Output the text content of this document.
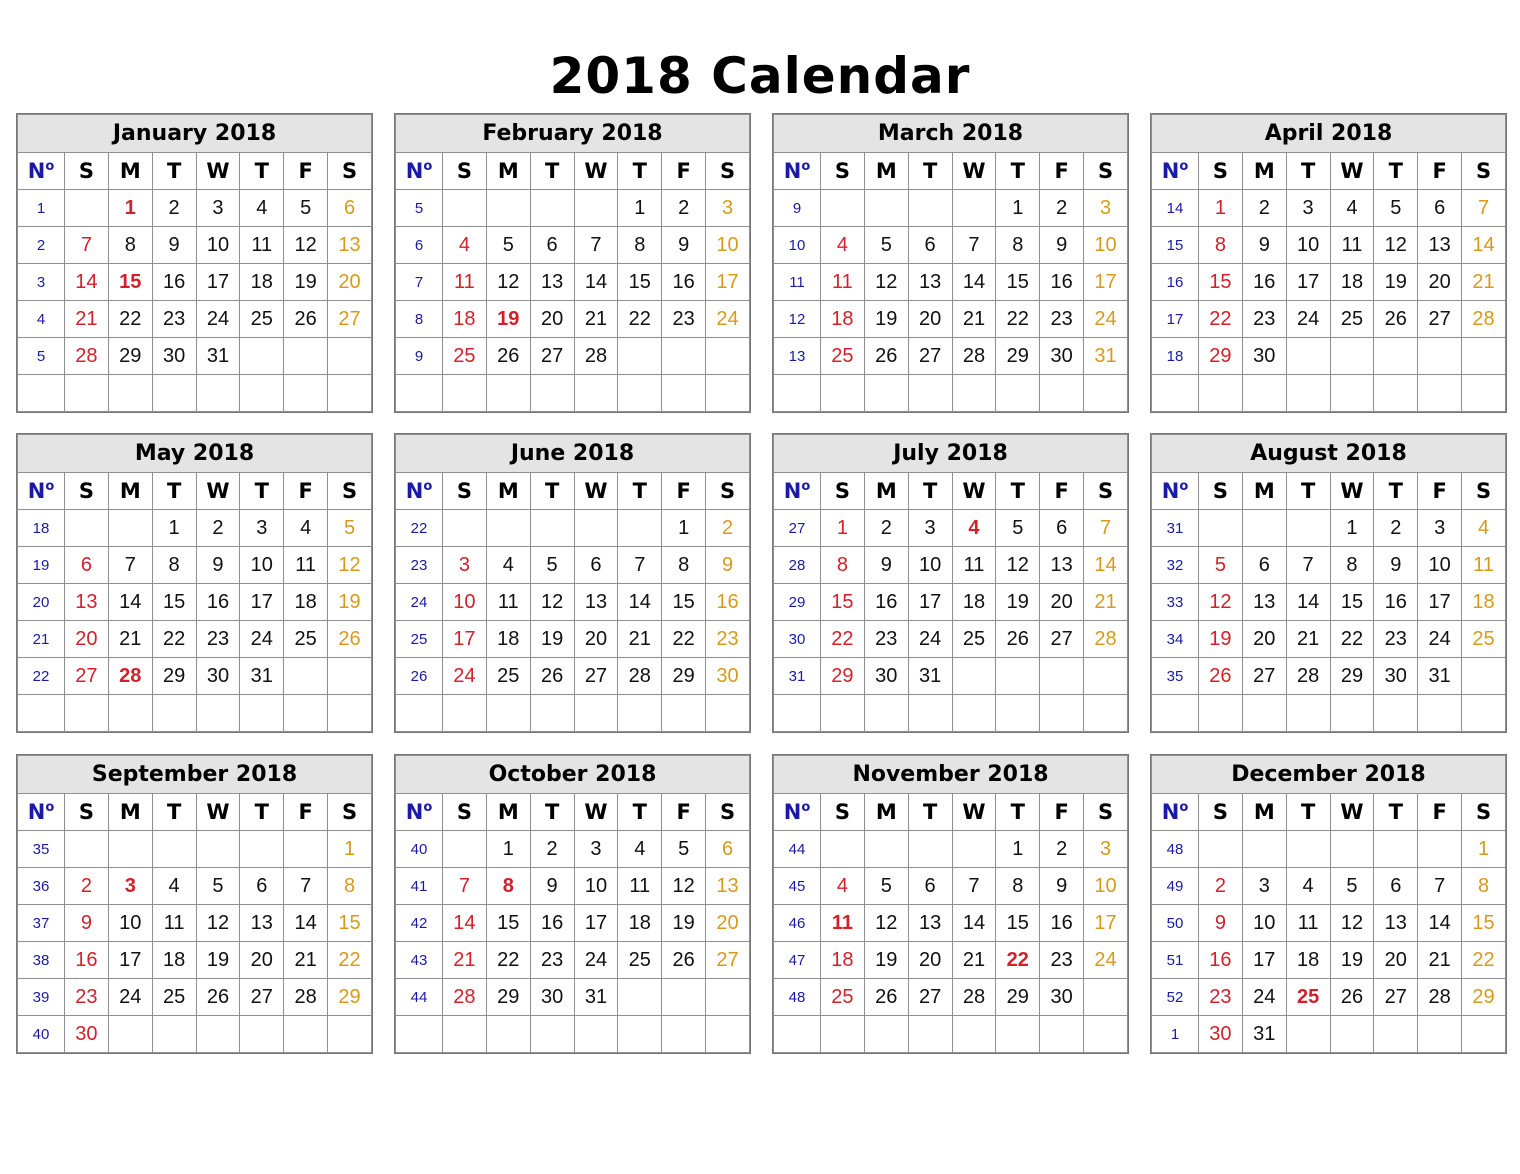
2018 Calendar
January 2018							
$N^o$	S	M	T	W	T	F	S
1		1	2	3	4	5	6
2	7	8	9	10	11	12	13
3	14	15	16	17	18	19	20
4	21	22	23	24	25	26	27
5	28	29	30	31			

February 2018							
$N^o$	S	M	T	W	T	F	S
5					1	2	3
6	4	5	6	7	8	9	10
7	11	12	13	14	15	16	17
8	18	19	20	21	22	23	24
9	25	26	27	28			

March 2018							
$N^o$	S	M	T	W	T	F	S
9					1	2	3
10	4	5	6	7	8	9	10
11	11	12	13	14	15	16	17
12	18	19	20	21	22	23	24
13	25	26	27	28	29	30	31

April 2018							
$N^o$	S	M	T	W	T	F	S
14	1	2	3	4	5	6	7
15	8	9	10	11	12	13	14
16	15	16	17	18	19	20	21
17	22	23	24	25	26	27	28
18	29	30					

May 2018							
$N^o$	S	M	T	W	T	F	S
18			1	2	3	4	5
19	6	7	8	9	10	11	12
20	13	14	15	16	17	18	19
21	20	21	22	23	24	25	26
22	27	28	29	30	31		

June 2018							
$N^o$	S	M	T	W	T	F	S
22						1	2
23	3	4	5	6	7	8	9
24	10	11	12	13	14	15	16
25	17	18	19	20	21	22	23
26	24	25	26	27	28	29	30

July 2018							
$N^o$	S	M	T	W	T	F	S
27	1	2	3	4	5	6	7
28	8	9	10	11	12	13	14
29	15	16	17	18	19	20	21
30	22	23	24	25	26	27	28
31	29	30	31				

August 2018							
$N^o$	S	M	T	W	T	F	S
31				1	2	3	4
32	5	6	7	8	9	10	11
33	12	13	14	15	16	17	18
34	19	20	21	22	23	24	25
35	26	27	28	29	30	31	

September 2018							
$N^o$	S	M	T	W	T	F	S
35							1
36	2	3	4	5	6	7	8
37	9	10	11	12	13	14	15
38	16	17	18	19	20	21	22
39	23	24	25	26	27	28	29
40	30						
October 2018							
$N^o$	S	M	T	W	T	F	S
40		1	2	3	4	5	6
41	7	8	9	10	11	12	13
42	14	15	16	17	18	19	20
43	21	22	23	24	25	26	27
44	28	29	30	31			

November 2018							
$N^o$	S	M	T	W	T	F	S
44					1	2	3
45	4	5	6	7	8	9	10
46	11	12	13	14	15	16	17
47	18	19	20	21	22	23	24
48	25	26	27	28	29	30	

December 2018							
$N^o$	S	M	T	W	T	F	S
48							1
49	2	3	4	5	6	7	8
50	9	10	11	12	13	14	15
51	16	17	18	19	20	21	22
52	23	24	25	26	27	28	29
1	30	31					
